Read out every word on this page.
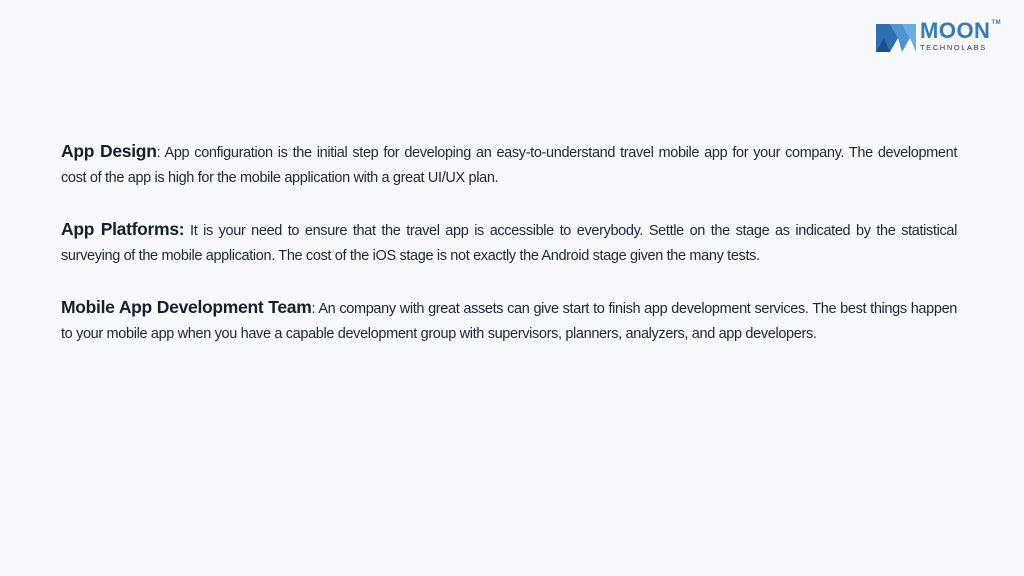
MOON™
TECHNOLABS

App Design: App configuration is the initial step for developing an easy-to-understand travel mobile app for your company. The development cost of the app is high for the mobile application with a great UI/UX plan.

App Platforms: It is your need to ensure that the travel app is accessible to everybody. Settle on the stage as indicated by the statistical surveying of the mobile application. The cost of the iOS stage is not exactly the Android stage given the many tests.

Mobile App Development Team: An company with great assets can give start to finish app development services. The best things happen to your mobile app when you have a capable development group with supervisors, planners, analyzers, and app developers.
